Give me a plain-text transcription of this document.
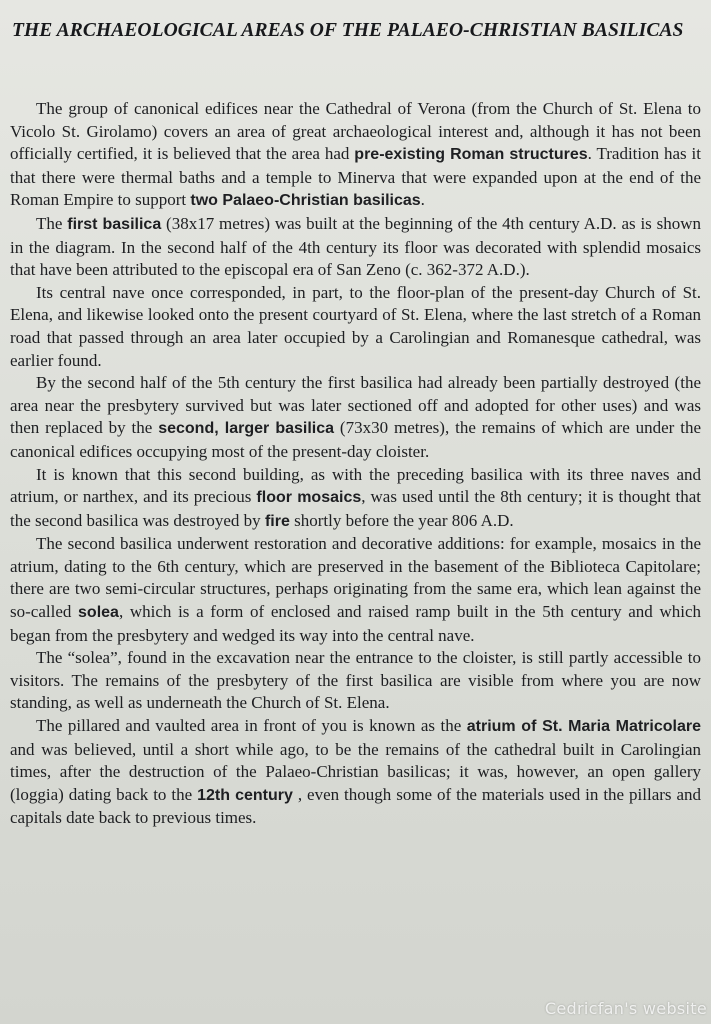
THE ARCHAEOLOGICAL AREAS OF THE PALAEO-CHRISTIAN BASILICAS

The group of canonical edifices near the Cathedral of Verona (from the Church of St. Elena to Vicolo St. Girolamo) covers an area of great archaeological interest and, although it has not been officially certified, it is believed that the area had pre-existing Roman structures. Tradition has it that there were thermal baths and a temple to Minerva that were expanded upon at the end of the Roman Empire to support two Palaeo-Christian basilicas.

The first basilica (38x17 metres) was built at the beginning of the 4th century A.D. as is shown in the diagram. In the second half of the 4th century its floor was decorated with splendid mosaics that have been attributed to the episcopal era of San Zeno (c. 362-372 A.D.).

Its central nave once corresponded, in part, to the floor-plan of the present-day Church of St. Elena, and likewise looked onto the present courtyard of St. Elena, where the last stretch of a Roman road that passed through an area later occupied by a Carolingian and Romanesque cathedral, was earlier found.

By the second half of the 5th century the first basilica had already been partially destroyed (the area near the presbytery survived but was later sectioned off and adopted for other uses) and was then replaced by the second, larger basilica (73x30 metres), the remains of which are under the canonical edifices occupying most of the present-day cloister.

It is known that this second building, as with the preceding basilica with its three naves and atrium, or narthex, and its precious floor mosaics, was used until the 8th century; it is thought that the second basilica was destroyed by fire shortly before the year 806 A.D.

The second basilica underwent restoration and decorative additions: for example, mosaics in the atrium, dating to the 6th century, which are preserved in the basement of the Biblioteca Capitolare; there are two semi-circular structures, perhaps originating from the same era, which lean against the so-called solea, which is a form of enclosed and raised ramp built in the 5th century and which began from the presbytery and wedged its way into the central nave.

The “solea”, found in the excavation near the entrance to the cloister, is still partly accessible to visitors. The remains of the presbytery of the first basilica are visible from where you are now standing, as well as underneath the Church of St. Elena.

The pillared and vaulted area in front of you is known as the atrium of St. Maria Matricolare and was believed, until a short while ago, to be the remains of the cathedral built in Carolingian times, after the destruction of the Palaeo-Christian basilicas; it was, however, an open gallery (loggia) dating back to the 12th century , even though some of the materials used in the pillars and capitals date back to previous times.

Cedricfan's website
